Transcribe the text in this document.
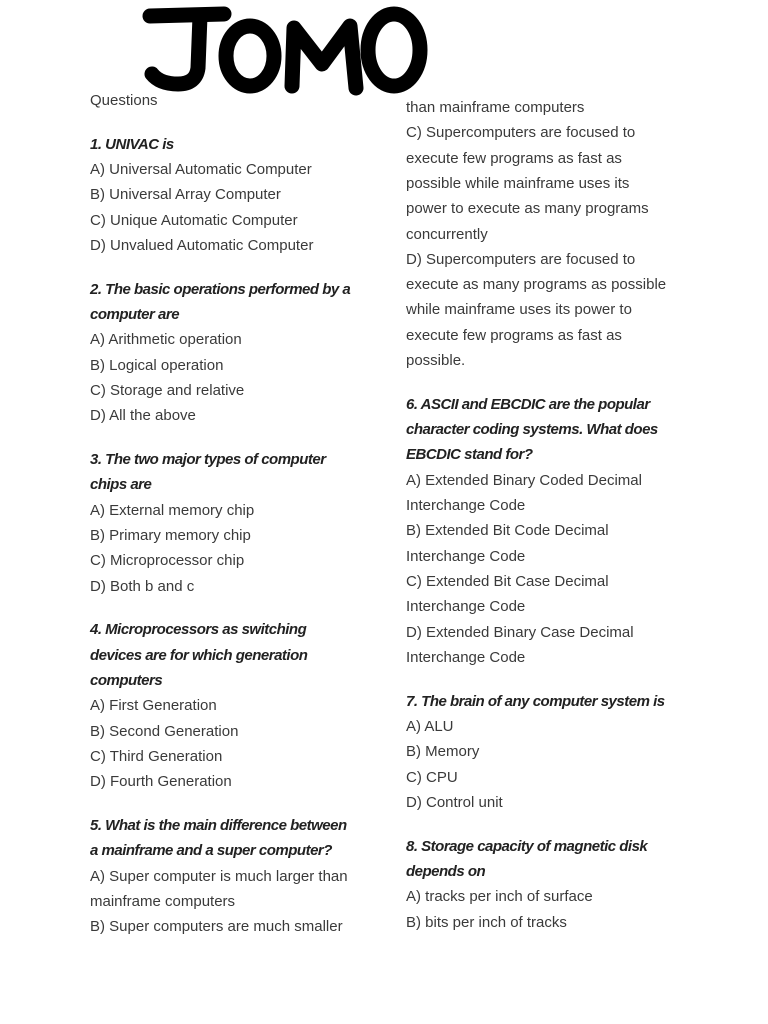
Questions
1. UNIVAC is
A) Universal Automatic Computer
B) Universal Array Computer
C) Unique Automatic Computer
D) Unvalued Automatic Computer
2. The basic operations performed by a
computer are
A) Arithmetic operation
B) Logical operation
C) Storage and relative
D) All the above
3. The two major types of computer
chips are
A) External memory chip
B) Primary memory chip
C) Microprocessor chip
D) Both b and c
4. Microprocessors as switching
devices are for which generation
computers
A) First Generation
B) Second Generation
C) Third Generation
D) Fourth Generation
5. What is the main difference between
a mainframe and a super computer?
A) Super computer is much larger than
mainframe computers
B) Super computers are much smaller
than mainframe computers
C) Supercomputers are focused to
execute few programs as fast as
possible while mainframe uses its
power to execute as many programs
concurrently
D) Supercomputers are focused to
execute as many programs as possible
while mainframe uses its power to
execute few programs as fast as
possible.
6. ASCII and EBCDIC are the popular
character coding systems. What does
EBCDIC stand for?
A) Extended Binary Coded Decimal
Interchange Code
B) Extended Bit Code Decimal
Interchange Code
C) Extended Bit Case Decimal
Interchange Code
D) Extended Binary Case Decimal
Interchange Code
7. The brain of any computer system is
A) ALU
B) Memory
C) CPU
D) Control unit
8. Storage capacity of magnetic disk
depends on
A) tracks per inch of surface
B) bits per inch of tracks
